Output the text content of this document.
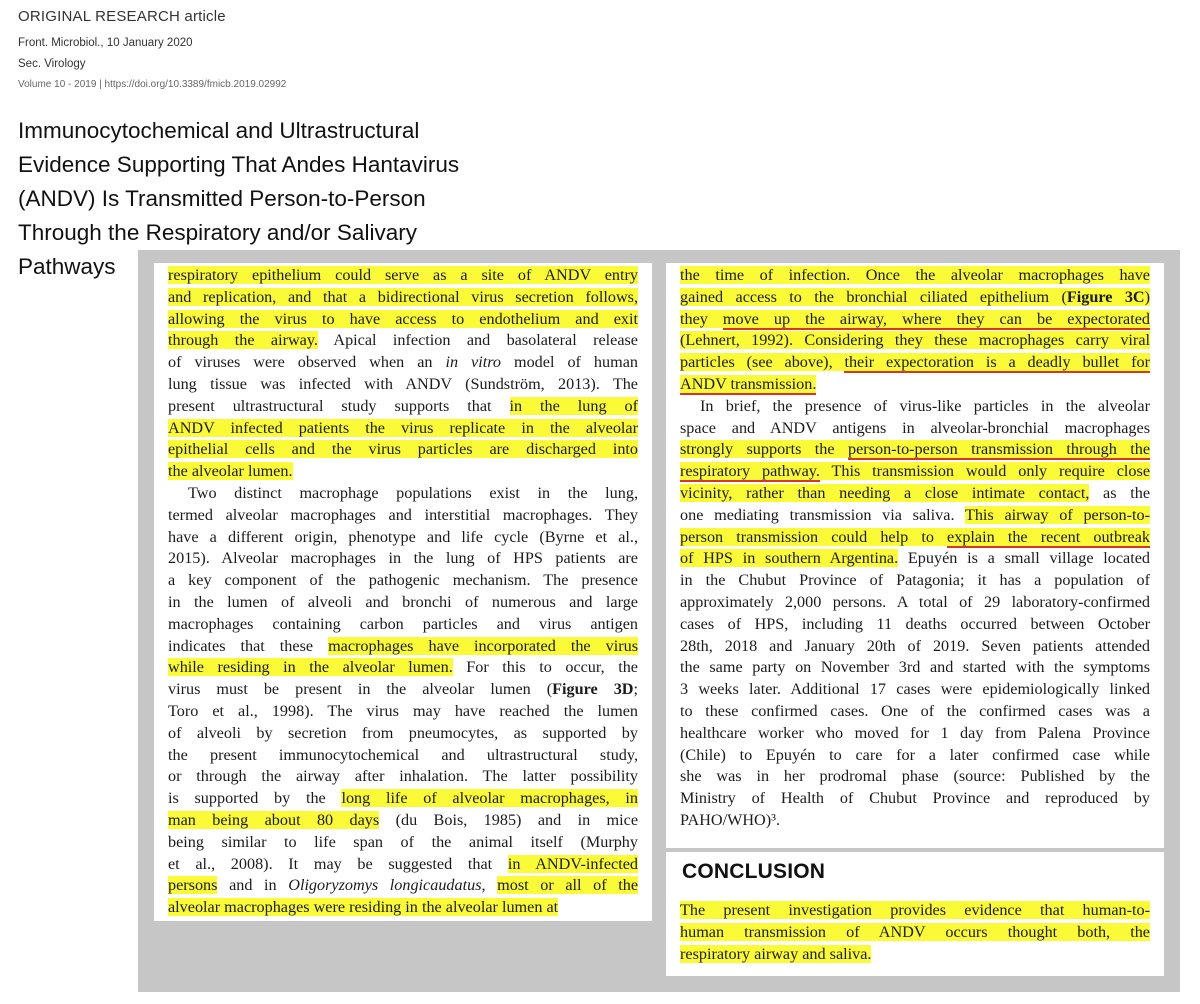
ORIGINAL RESEARCH article
Front. Microbiol., 10 January 2020
Sec. Virology
Volume 10 - 2019 | https://doi.org/10.3389/fmicb.2019.02992
Immunocytochemical and Ultrastructural
Evidence Supporting That Andes Hantavirus
(ANDV) Is Transmitted Person-to-Person
Through the Respiratory and/or Salivary
Pathways	respiratory epithelium could serve as a site of ANDV entry
and replication, and that a bidirectional virus secretion follows,
allowing the virus to have access to endothelium and exit
through the airway. Apical infection and basolateral release
of viruses were observed when an in vitro model of human
lung tissue was infected with ANDV (Sundström, 2013). The
present ultrastructural study supports that in the lung of
ANDV infected patients the virus replicate in the alveolar
epithelial cells and the virus particles are discharged into
the alveolar lumen.
Two distinct macrophage populations exist in the lung,
termed alveolar macrophages and interstitial macrophages. They
have a different origin, phenotype and life cycle (Byrne et al.,
2015). Alveolar macrophages in the lung of HPS patients are
a key component of the pathogenic mechanism. The presence
in the lumen of alveoli and bronchi of numerous and large
macrophages containing carbon particles and virus antigen
indicates that these macrophages have incorporated the virus
while residing in the alveolar lumen. For this to occur, the
virus must be present in the alveolar lumen (Figure 3D;
Toro et al., 1998). The virus may have reached the lumen
of alveoli by secretion from pneumocytes, as supported by
the present immunocytochemical and ultrastructural study,
or through the airway after inhalation. The latter possibility
is supported by the long life of alveolar macrophages, in
man being about 80 days (du Bois, 1985) and in mice
being similar to life span of the animal itself (Murphy
et al., 2008). It may be suggested that in ANDV-infected
persons and in Oligoryzomys longicaudatus, most or all of the
alveolar macrophages were residing in the alveolar lumen at
the time of infection. Once the alveolar macrophages have
gained access to the bronchial ciliated epithelium (Figure 3C)
they move up the airway, where they can be expectorated
(Lehnert, 1992). Considering they these macrophages carry viral
particles (see above), their expectoration is a deadly bullet for
ANDV transmission.
In brief, the presence of virus-like particles in the alveolar
space and ANDV antigens in alveolar-bronchial macrophages
strongly supports the person-to-person transmission through the
respiratory pathway. This transmission would only require close
vicinity, rather than needing a close intimate contact, as the
one mediating transmission via saliva. This airway of person-to-
person transmission could help to explain the recent outbreak
of HPS in southern Argentina. Epuyén is a small village located
in the Chubut Province of Patagonia; it has a population of
approximately 2,000 persons. A total of 29 laboratory-confirmed
cases of HPS, including 11 deaths occurred between October
28th, 2018 and January 20th of 2019. Seven patients attended
the same party on November 3rd and started with the symptoms
3 weeks later. Additional 17 cases were epidemiologically linked
to these confirmed cases. One of the confirmed cases was a
healthcare worker who moved for 1 day from Palena Province
(Chile) to Epuyén to care for a later confirmed case while
she was in her prodromal phase (source: Published by the
Ministry of Health of Chubut Province and reproduced by
PAHO/WHO)³.
CONCLUSION
The present investigation provides evidence that human-to-
human transmission of ANDV occurs thought both, the
respiratory airway and saliva.
